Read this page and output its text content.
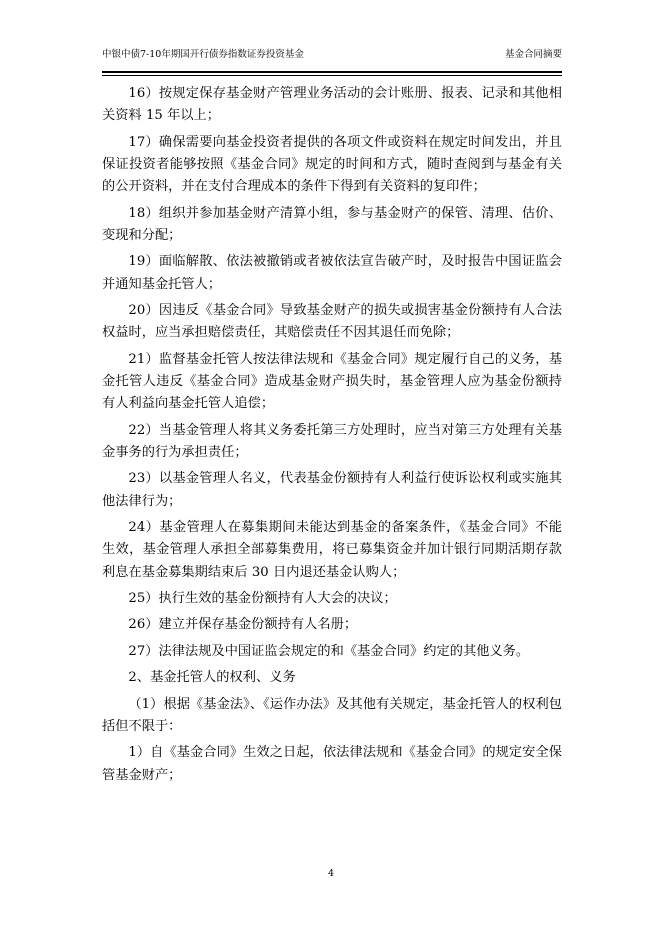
中银中债7-10年期国开行债券指数证券投资基金	基金合同摘要

16）按规定保存基金财产管理业务活动的会计账册、报表、记录和其他相关资料 15 年以上；

17）确保需要向基金投资者提供的各项文件或资料在规定时间发出，并且保证投资者能够按照《基金合同》规定的时间和方式，随时查阅到与基金有关的公开资料，并在支付合理成本的条件下得到有关资料的复印件；

18）组织并参加基金财产清算小组，参与基金财产的保管、清理、估价、变现和分配；

19）面临解散、依法被撤销或者被依法宣告破产时，及时报告中国证监会并通知基金托管人；

20）因违反《基金合同》导致基金财产的损失或损害基金份额持有人合法权益时，应当承担赔偿责任，其赔偿责任不因其退任而免除；

21）监督基金托管人按法律法规和《基金合同》规定履行自己的义务，基金托管人违反《基金合同》造成基金财产损失时，基金管理人应为基金份额持有人利益向基金托管人追偿；

22）当基金管理人将其义务委托第三方处理时，应当对第三方处理有关基金事务的行为承担责任；

23）以基金管理人名义，代表基金份额持有人利益行使诉讼权利或实施其他法律行为；

24）基金管理人在募集期间未能达到基金的备案条件，《基金合同》不能生效，基金管理人承担全部募集费用，将已募集资金并加计银行同期活期存款利息在基金募集期结束后 30 日内退还基金认购人；

25）执行生效的基金份额持有人大会的决议；

26）建立并保存基金份额持有人名册；

27）法律法规及中国证监会规定的和《基金合同》约定的其他义务。

2、基金托管人的权利、义务

（1）根据《基金法》、《运作办法》及其他有关规定，基金托管人的权利包括但不限于：

1）自《基金合同》生效之日起，依法律法规和《基金合同》的规定安全保管基金财产；

4
